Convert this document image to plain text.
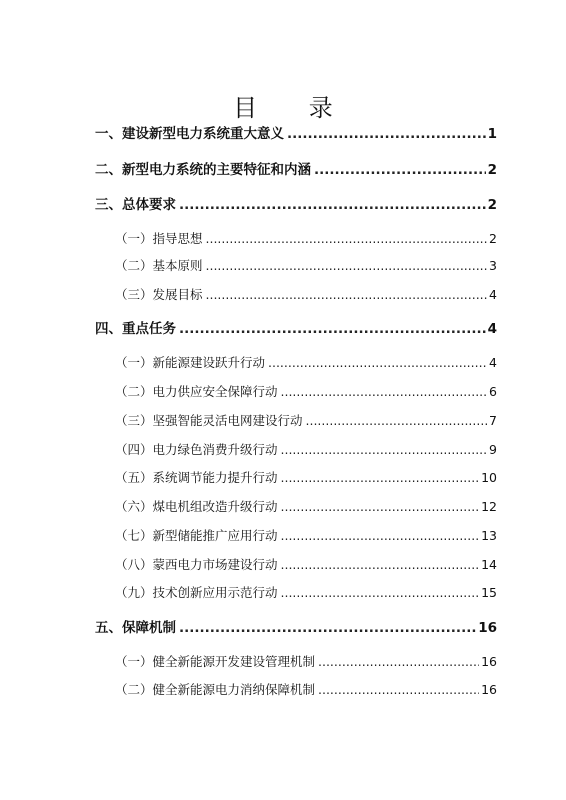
目 录
一、建设新型电力系统重大意义 .....	1
二、新型电力系统的主要特征和内涵 .....	2
三、总体要求 .....	2
（一）指导思想 .....	2
（二）基本原则 .....	3
（三）发展目标 .....	4
四、重点任务 .....	4
（一）新能源建设跃升行动 .....	4
（二）电力供应安全保障行动 .....	6
（三）坚强智能灵活电网建设行动 .....	7
（四）电力绿色消费升级行动 .....	9
（五）系统调节能力提升行动 .....	10
（六）煤电机组改造升级行动 .....	12
（七）新型储能推广应用行动 .....	13
（八）蒙西电力市场建设行动 .....	14
（九）技术创新应用示范行动 .....	15
五、保障机制 .....	16
（一）健全新能源开发建设管理机制 .....	16
（二）健全新能源电力消纳保障机制 .....	16
